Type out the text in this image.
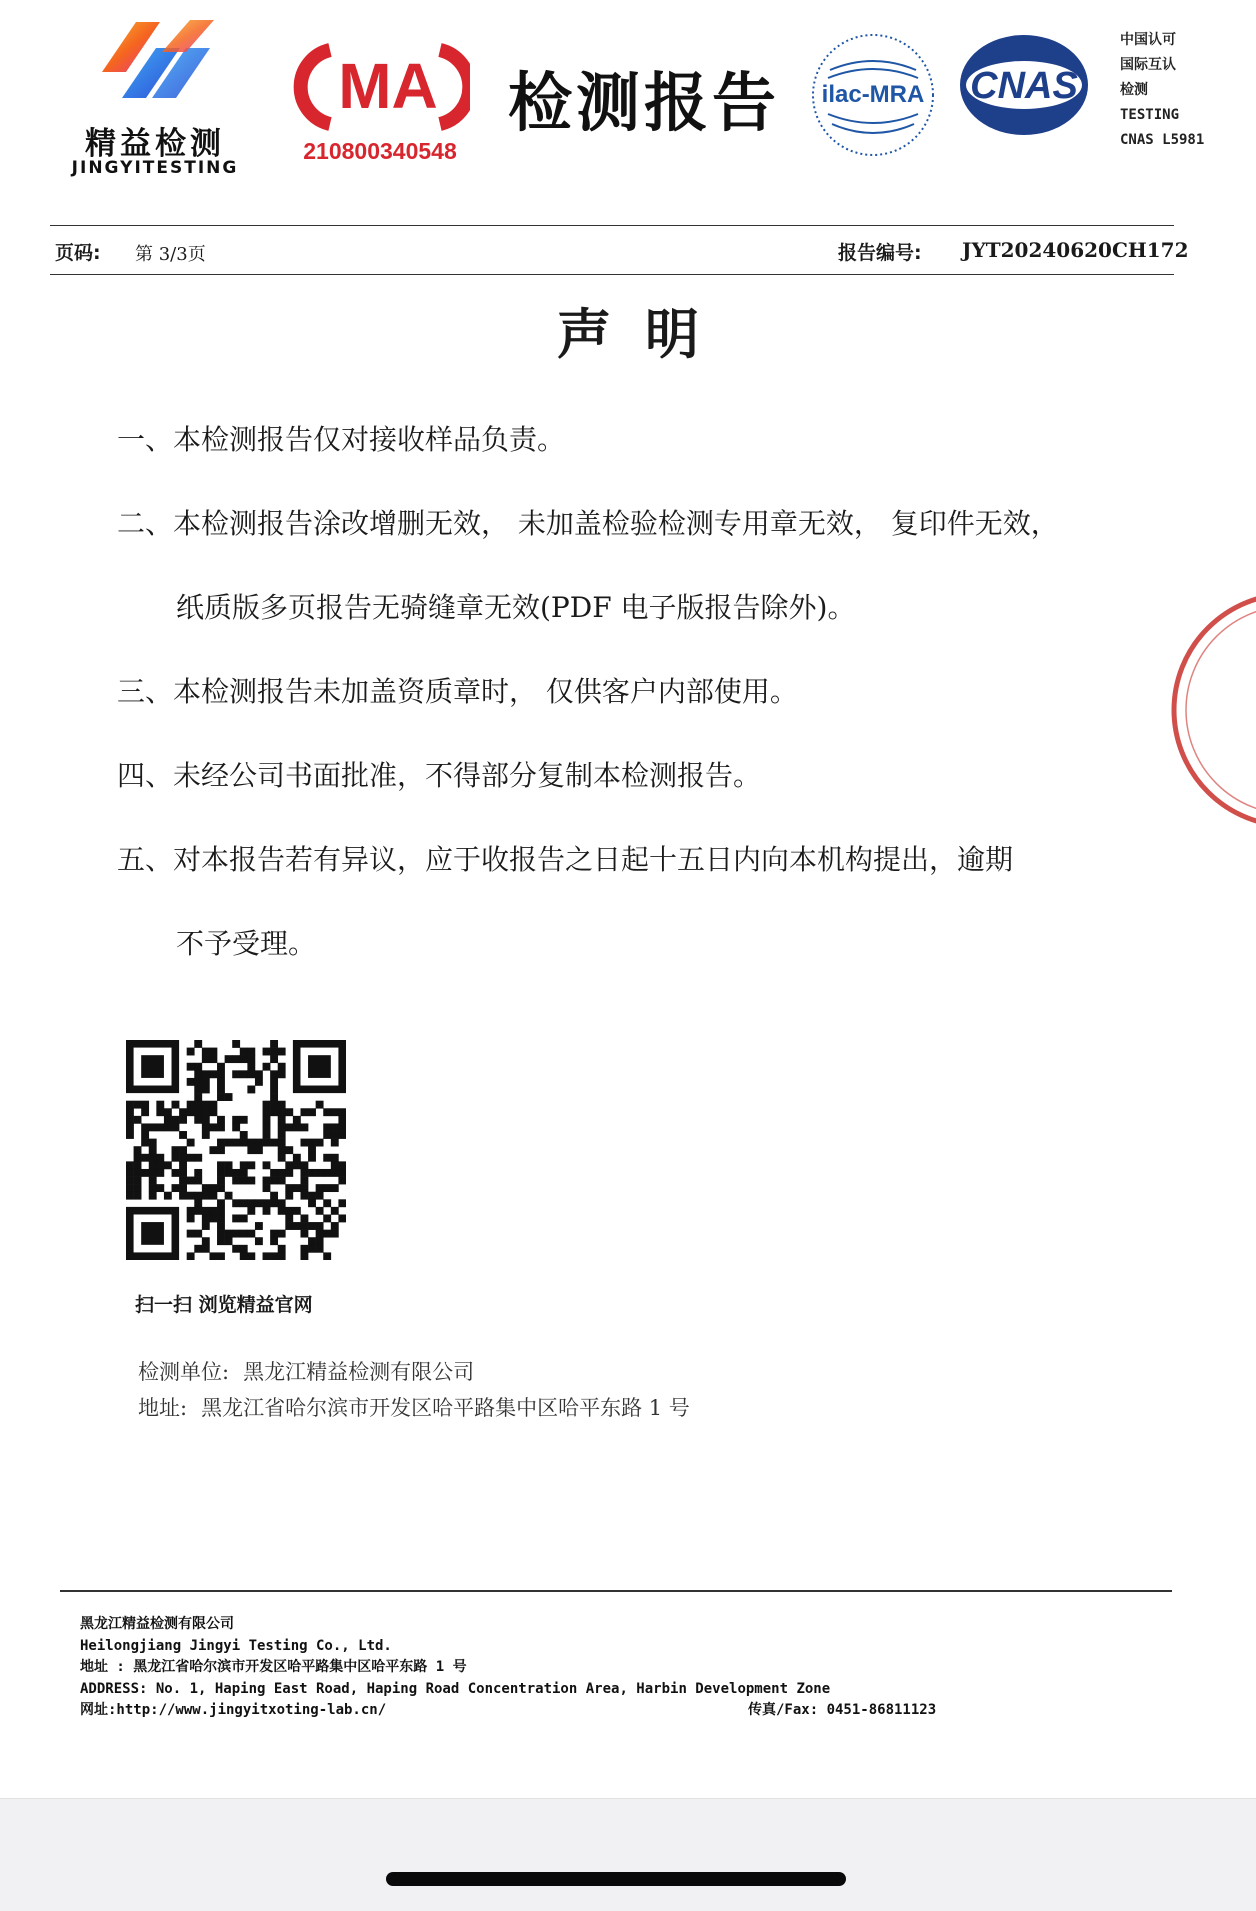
精益检测
JINGYITESTING
MA
210800340548
检测报告 ilac-MRA CNAS
中国认可
国际互认
检测
TESTING
CNAS L5981
页码: 第 3/3页	报告编号: JYT20240620CH172
声明
一、本检测报告仅对接收样品负责。
二、本检测报告涂改增删无效， 未加盖检验检测专用章无效， 复印件无效，
纸质版多页报告无骑缝章无效(PDF 电子版报告除外)。
三、本检测报告未加盖资质章时， 仅供客户内部使用。
四、未经公司书面批准，不得部分复制本检测报告。
五、对本报告若有异议，应于收报告之日起十五日内向本机构提出，逾期
不予受理。
扫一扫 浏览精益官网
检测单位: 黑龙江精益检测有限公司
地址: 黑龙江省哈尔滨市开发区哈平路集中区哈平东路 1 号
黑龙江精益检测有限公司
Heilongjiang Jingyi Testing Co., Ltd.
地址 : 黑龙江省哈尔滨市开发区哈平路集中区哈平东路 1 号
ADDRESS: No. 1, Haping East Road, Haping Road Concentration Area, Harbin Development Zone
网址:http://www.jingyitxoting-lab.cn/	传真/Fax: 0451-86811123
